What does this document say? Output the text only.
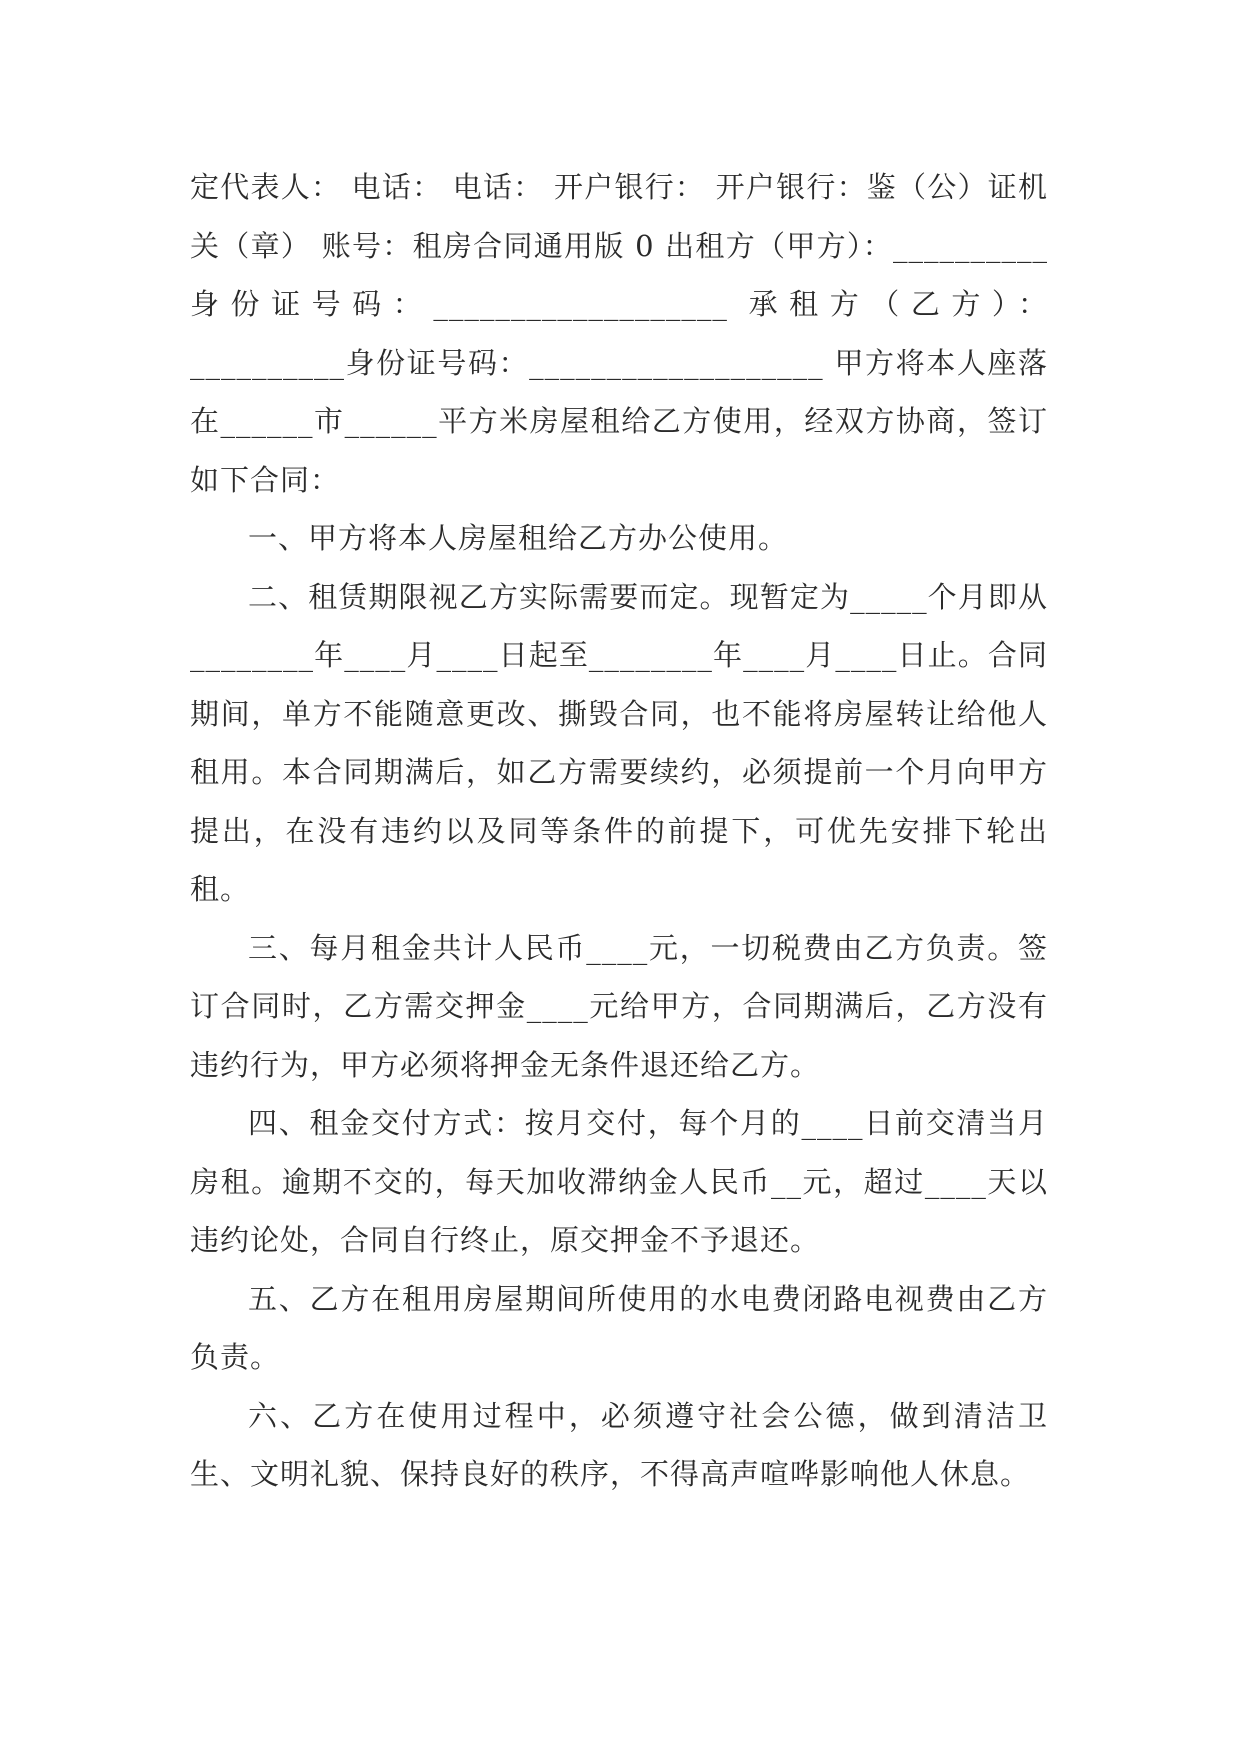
定代表人： 电话： 电话： 开户银行： 开户银行：鉴（公）证机关（章） 账号：租房合同通用版 0 出租方（甲方）：__________ 身份证号码：___________________ 承租方（乙方）：__________身份证号码：___________________ 甲方将本人座落在______市______平方米房屋租给乙方使用，经双方协商，签订如下合同：

一、甲方将本人房屋租给乙方办公使用。

二、租赁期限视乙方实际需要而定。现暂定为_____个月即从________年____月____日起至________年____月____日止。合同期间，单方不能随意更改、撕毁合同，也不能将房屋转让给他人租用。本合同期满后，如乙方需要续约，必须提前一个月向甲方提出，在没有违约以及同等条件的前提下，可优先安排下轮出租。

三、每月租金共计人民币____元，一切税费由乙方负责。签订合同时，乙方需交押金____元给甲方，合同期满后，乙方没有违约行为，甲方必须将押金无条件退还给乙方。

四、租金交付方式：按月交付，每个月的____日前交清当月房租。逾期不交的，每天加收滞纳金人民币__元，超过____天以违约论处，合同自行终止，原交押金不予退还。

五、乙方在租用房屋期间所使用的水电费闭路电视费由乙方负责。

六、乙方在使用过程中，必须遵守社会公德，做到清洁卫生、文明礼貌、保持良好的秩序，不得高声喧哗影响他人休息。
